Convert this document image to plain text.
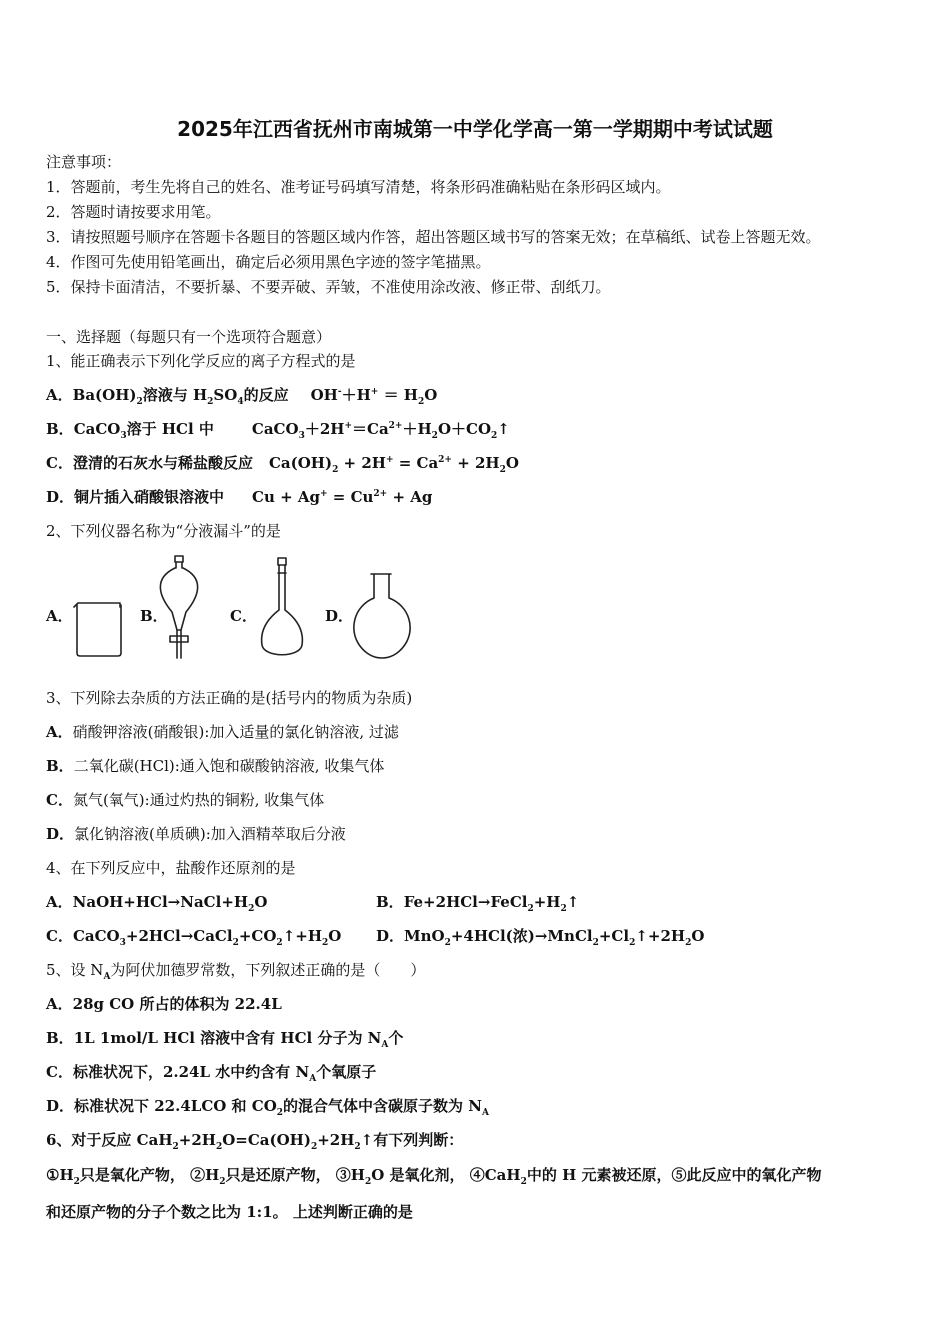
2025年江西省抚州市南城第一中学化学高一第一学期期中考试试题
注意事项：
1．答题前，考生先将自己的姓名、准考证号码填写清楚，将条形码准确粘贴在条形码区域内。
2．答题时请按要求用笔。
3．请按照题号顺序在答题卡各题目的答题区域内作答，超出答题区域书写的答案无效；在草稿纸、试卷上答题无效。
4．作图可先使用铅笔画出，确定后必须用黑色字迹的签字笔描黑。
5．保持卡面清洁，不要折暴、不要弄破、弄皱，不准使用涂改液、修正带、刮纸刀。
一、选择题（每题只有一个选项符合题意）
1、能正确表示下列化学反应的离子方程式的是
A．$Ba(OH)_2$溶液与 $H_2SO_4$的反应 $OH^-+H^+ = H_2O$
B．CaCO$_3$溶于 HCl 中	$CaCO_3+2H^+=Ca^{2+}+H_2O+CO_2↑$
C．澄清的石灰水与稀盐酸反应 $Ca(OH)_2 + 2H^+ = Ca^{2+} + 2H_2O$
D．铜片插入硝酸银溶液中 $Cu + Ag^+ = Cu^{2+} + Ag$
2、下列仪器名称为“分液漏斗”的是
A．	B．	C．	D．
3、下列除去杂质的方法正确的是(括号内的物质为杂质)
A．硝酸钾溶液(硝酸银):加入适量的氯化钠溶液, 过滤
B．二氧化碳(HCl):通入饱和碳酸钠溶液, 收集气体
C．氮气(氧气):通过灼热的铜粉, 收集气体
D．氯化钠溶液(单质碘):加入酒精萃取后分液
4、在下列反应中，盐酸作还原剂的是
A．$NaOH+HCl\to NaCl+H_2O$	B．$Fe+2HCl\to FeCl_2+H_2↑$
C．$CaCO_3+2HCl\to CaCl_2+CO_2↑+H_2O$ D．MnO$_2$+4HCl(浓)$\to MnCl_2+Cl_2↑+2H_2O$
5、设 $N_A$为阿伏加德罗常数，下列叙述正确的是（　　）
A．28g CO 所占的体积为 22.4L
B．1L 1mol/L HCl 溶液中含有 HCl 分子为 $N_A$个
C．标准状况下，2.24L 水中约含有 $N_A$个氧原子
D．标准状况下 22.4LCO 和 $CO_2$的混合气体中含碳原子数为 $N_A$
6、对于反应 $CaH_2+2H_2O=Ca(OH)_2+2H_2↑$有下列判断：
$①H_2$只是氧化产物， $②H_2$只是还原产物， $③H_2O$ 是氧化剂， ④CaH$_2$中的 H 元素被还原，⑤此反应中的氧化产物
和还原产物的分子个数之比为 1:1。 上述判断正确的是
